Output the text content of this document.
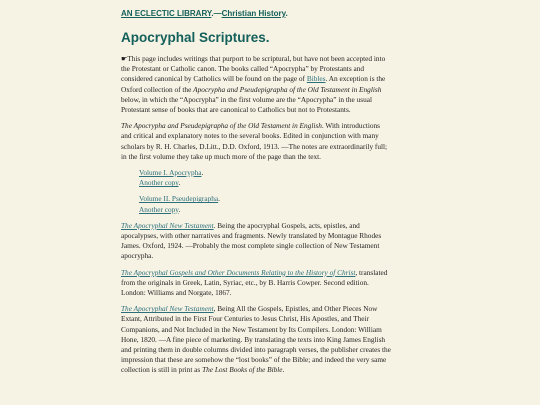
AN ECLECTIC LIBRARY.—Christian History.
Apocryphal Scriptures.

☛This page includes writings that purport to be scriptural, but have not been accepted into the Protestant or Catholic canon. The books called “Apocrypha” by Protestants and considered canonical by Catholics will be found on the page of Bibles. An exception is the Oxford collection of the Apocrypha and Pseudepigrapha of the Old Testament in English below, in which the “Apocrypha” in the first volume are the “Apocrypha” in the usual Protestant sense of books that are canonical to Catholics but not to Protestants.

The Apocrypha and Pseudepigrapha of the Old Testament in English. With introductions and critical and explanatory notes to the several books. Edited in conjunction with many scholars by R. H. Charles, D.Litt., D.D. Oxford, 1913. —The notes are extraordinarily full; in the first volume they take up much more of the page than the text.

Volume I. Apocrypha.
Another copy.
Volume II. Pseudepigrapha.
Another copy.

The Apocryphal New Testament. Being the apocryphal Gospels, acts, epistles, and apocalypses, with other narratives and fragments. Newly translated by Montague Rhodes James. Oxford, 1924. —Probably the most complete single collection of New Testament apocrypha.

The Apocryphal Gospels and Other Documents Relating to the History of Christ, translated from the originals in Greek, Latin, Syriac, etc., by B. Harris Cowper. Second edition. London: Williams and Norgate, 1867.

The Apocryphal New Testament, Being All the Gospels, Epistles, and Other Pieces Now Extant, Attributed in the First Four Centuries to Jesus Christ, His Apostles, and Their Companions, and Not Included in the New Testament by Its Compilers. London: William Hone, 1820. —A fine piece of marketing. By translating the texts into King James English and printing them in double columns divided into paragraph verses, the publisher creates the impression that these are somehow the “lost books” of the Bible; and indeed the very same collection is still in print as The Lost Books of the Bible.
